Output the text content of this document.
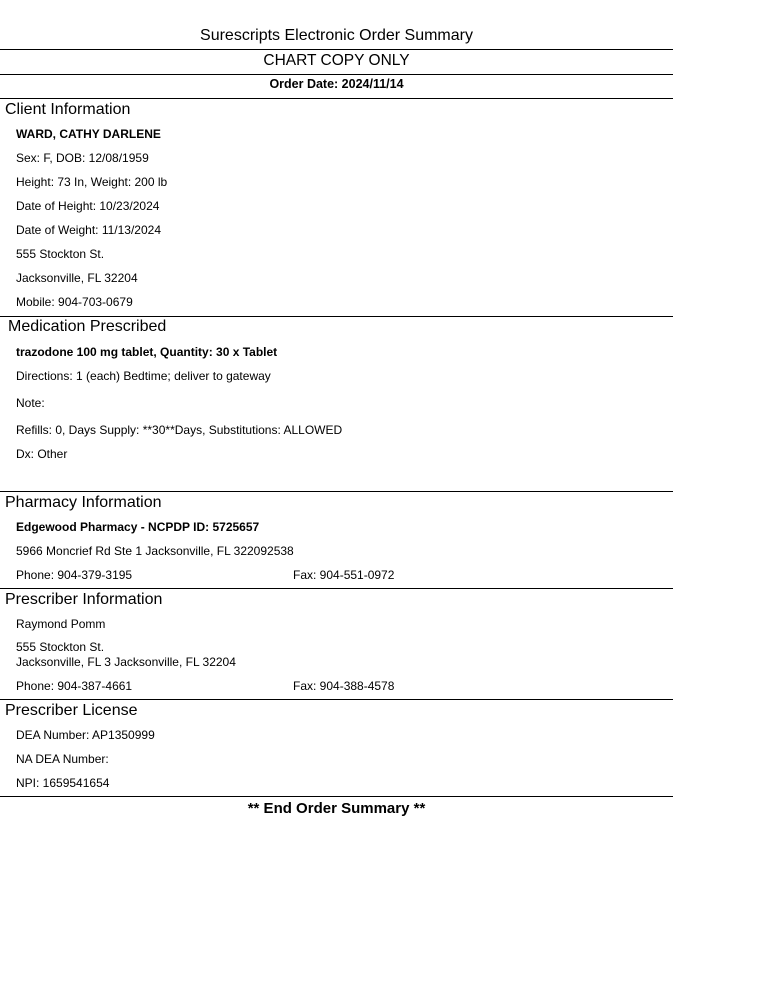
Surescripts Electronic Order Summary
CHART COPY ONLY
Order Date: 2024/11/14
Client Information
WARD, CATHY DARLENE
Sex: F, DOB: 12/08/1959
Height: 73 In, Weight: 200 lb
Date of Height: 10/23/2024
Date of Weight: 11/13/2024
555 Stockton St.
Jacksonville, FL 32204
Mobile: 904-703-0679
Medication Prescribed
trazodone 100 mg tablet, Quantity: 30 x Tablet
Directions: 1 (each) Bedtime; deliver to gateway
Note:
Refills: 0, Days Supply: **30**Days, Substitutions: ALLOWED
Dx: Other
Pharmacy Information
Edgewood Pharmacy - NCPDP ID: 5725657
5966 Moncrief Rd Ste 1 Jacksonville, FL 322092538
Phone: 904-379-3195	Fax: 904-551-0972
Prescriber Information
Raymond Pomm
555 Stockton St.
Jacksonville, FL 3 Jacksonville, FL 32204
Phone: 904-387-4661	Fax: 904-388-4578
Prescriber License
DEA Number: AP1350999
NA DEA Number:
NPI: 1659541654
** End Order Summary **
